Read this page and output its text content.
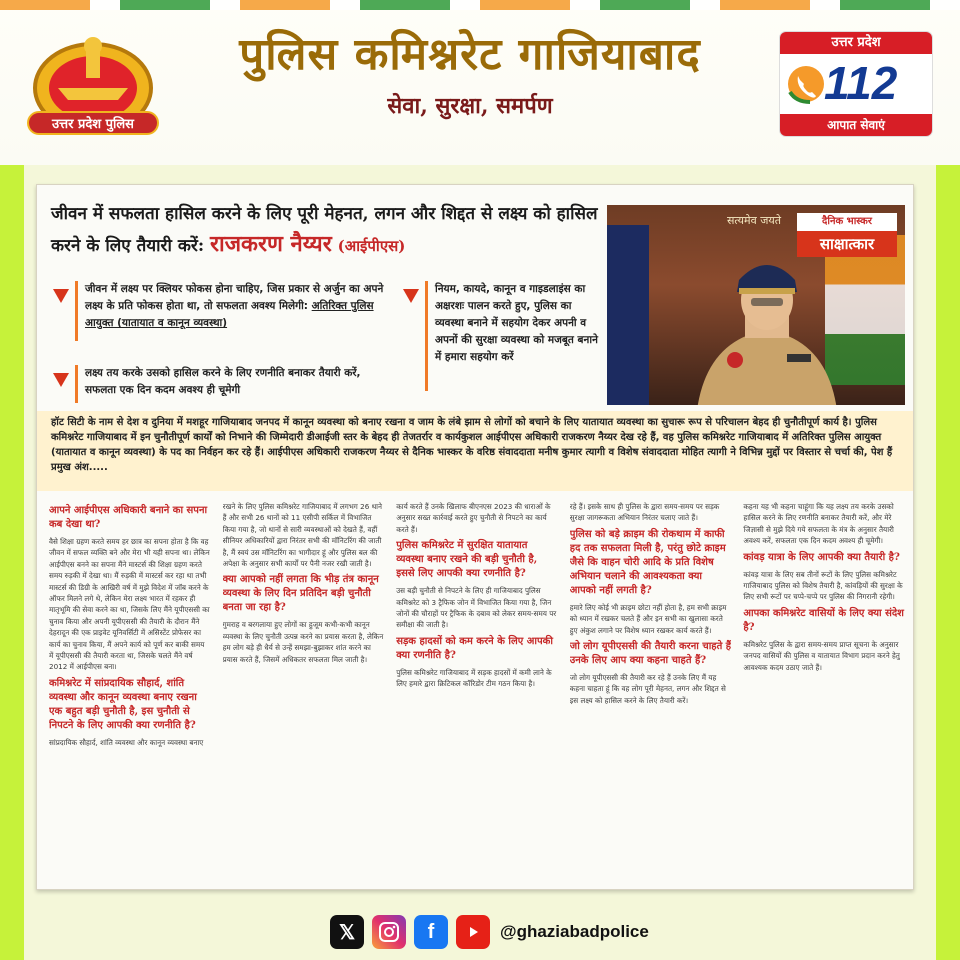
उत्तर प्रदेश पुलिस
पुलिस कमिश्नरेट गाजियाबाद
सेवा, सुरक्षा, समर्पण
उत्तर प्रदेश
112
आपात सेवाएं
जीवन में सफलता हासिल करने के लिए पूरी मेहनत, लगन और शिद्दत से लक्ष्य को हासिल करने के लिए तैयारी करें: राजकरण नैय्यर (आईपीएस)
जीवन में लक्ष्य पर क्लियर फोकस होना चाहिए, जिस प्रकार से अर्जुन का अपने लक्ष्य के प्रति फोकस होता था, तो सफलता अवश्य मिलेगी: अतिरिक्त पुलिस आयुक्त (यातायात व कानून व्यवस्था)
लक्ष्य तय करके उसको हासिल करने के लिए रणनीति बनाकर तैयारी करें, सफलता एक दिन कदम अवश्य ही चूमेगी
नियम, कायदे, कानून व गाइडलाइंस का अक्षरशः पालन करते हुए, पुलिस का व्यवस्था बनाने में सहयोग देकर अपनी व अपनों की सुरक्षा व्यवस्था को मजबूत बनाने में हमारा सहयोग करें
सत्यमेव जयते	दैनिक भास्कर
साक्षात्कार
हॉट सिटी के नाम से देश व दुनिया में मशहूर गाजियाबाद जनपद में कानून व्यवस्था को बनाए रखना व जाम के लंबे झाम से लोगों को बचाने के लिए यातायात व्यवस्था का सुचारू रूप से परिचालन बेहद ही चुनौतीपूर्ण कार्य है। पुलिस कमिश्नरेट गाजियाबाद में इन चुनौतीपूर्ण कार्यों को निभाने की जिम्मेदारी डीआईजी स्तर के बेहद ही तेजतर्रार व कार्यकुशल आईपीएस अधिकारी राजकरण नैय्यर देख रहे हैं, वह पुलिस कमिश्नरेट गाजियाबाद में अतिरिक्त पुलिस आयुक्त (यातायात व कानून व्यवस्था) के पद का निर्वहन कर रहे हैं। आईपीएस अधिकारी राजकरण नैय्यर से दैनिक भास्कर के वरिष्ठ संवाददाता मनीष कुमार त्यागी व विशेष संवाददाता मोहित त्यागी ने विभिन्न मुद्दों पर विस्तार से चर्चा की, पेश हैं प्रमुख अंश.....
आपने आईपीएस अधिकारी बनाने का सपना कब देखा था?

वैसे शिक्षा ग्रहण करते समय हर छात्र का सपना होता है कि वह जीवन में सफल व्यक्ति बने और मेरा भी यही सपना था। लेकिन आईपीएस बनने का सपना मैंने मास्टर्स की शिक्षा ग्रहण करते समय रुड़की में देखा था। मैं रुड़की में मास्टर्स कर रहा था तभी मास्टर्स की डिग्री के आखिरी वर्ष में मुझे विदेश में जॉब करने के ऑफर मिलने लगे थे, लेकिन मेरा लक्ष्य भारत में रहकर ही मातृभूमि की सेवा करने का था, जिसके लिए मैंने यूपीएससी का चुनाव किया और अपनी यूपीएससी की तैयारी के दौरान मैंने देहरादून की एक प्राइवेट यूनिवर्सिटी में असिस्टेंट प्रोफेसर का कार्य का चुनाव किया, मैं अपने कार्य को पूर्ण कर बाकी समय में यूपीएससी की तैयारी करता था, जिसके चलते मैंने वर्ष 2012 में आईपीएस बना।

कमिश्नरेट में सांप्रदायिक सौहार्द, शांति व्यवस्था और कानून व्यवस्था बनाए रखना एक बहुत बड़ी चुनौती है, इस चुनौती से निपटने के लिए आपकी क्या रणनीति है?

सांप्रदायिक सौहार्द, शांति व्यवस्था और कानून व्यवस्था बनाए

रखने के लिए पुलिस कमिश्नरेट गाजियाबाद में लगभग 26 थाने हैं और सभी 26 थानों को 11 एसीपी सर्किल में विभाजित किया गया है, जो थानों से सारी व्यवस्थाओं को देखते हैं, वहीं सीनियर अधिकारियों द्वारा निरंतर सभी की मॉनिटरिंग की जाती है, मैं स्वयं उस मॉनिटरिंग का भागीदार हूं और पुलिस बल की अपेक्षा के अनुसार सभी कार्यों पर पैनी नजर रखी जाती है।

क्या आपको नहीं लगता कि भीड़ तंत्र कानून व्यवस्था के लिए दिन प्रतिदिन बड़ी चुनौती बनता जा रहा है?

गुमराह व बरगलाया हुए लोगों का हुजूम कभी-कभी कानून व्यवस्था के लिए चुनौती उत्पन्न करने का प्रयास करता है, लेकिन हम लोग बड़े ही धैर्य से उन्हें समझा-बुझाकर शांत करने का प्रयास करते हैं, जिसमें अधिकतर सफलता मिल जाती है।

कार्य करते हैं उनके खिलाफ बीएनएस 2023 की धाराओं के अनुसार सख्त कार्रवाई करते हुए चुनौती से निपटने का कार्य करते हैं।

पुलिस कमिश्नरेट में सुरक्षित यातायात व्यवस्था बनाए रखने की बड़ी चुनौती है, इससे लिए आपकी क्या रणनीति है?

उस बड़ी चुनौती से निपटने के लिए ही गाजियाबाद पुलिस कमिश्नरेट को 3 ट्रैफिक जोन में विभाजित किया गया है, जिन जोनों की चौराहों पर ट्रैफिक के दबाव को लेकर समय-समय पर समीक्षा की जाती है।

सड़क हादसों को कम करने के लिए आपकी क्या रणनीति है?

पुलिस कमिश्नरेट गाजियाबाद में सड़क हादसों में कमी लाने के लिए हमारे द्वारा क्रिटिकल कॉरिडोर टीम गठन किया है।

रहे हैं। इसके साथ ही पुलिस के द्वारा समय-समय पर सड़क सुरक्षा जागरूकता अभियान निरंतर चलाए जाते हैं।

पुलिस को बड़े क्राइम की रोकथाम में काफी हद तक सफलता मिली है, परंतु छोटे क्राइम जैसे कि वाहन चोरी आदि के प्रति विशेष अभियान चलाने की आवश्यकता क्या आपको नहीं लगती है?

हमारे लिए कोई भी क्राइम छोटा नहीं होता है, हम सभी क्राइम को ध्यान में रखकर चलते हैं और इन सभी का खुलासा करते हुए अंकुश लगाने पर विशेष ध्यान रखकर कार्य करते हैं।

जो लोग यूपीएससी की तैयारी करना चाहते हैं उनके लिए आप क्या कहना चाहते हैं?

जो लोग यूपीएससी की तैयारी कर रहे हैं उनके लिए मैं यह कहना चाहता हूं कि वह लोग पूरी मेहनत, लगन और शिद्दत से इस लक्ष्य को हासिल करने के लिए तैयारी करें।

कहना यह भी कहना चाहूंगा कि यह लक्ष्य तय करके उसको हासिल करने के लिए रणनीति बनाकर तैयारी करें, और मेरे जिज्ञासी से मुझे दिये गये सफलता के मंत्र के अनुसार तैयारी अवश्य करें, सफलता एक दिन कदम अवश्य ही चूमेगी।

कांवड़ यात्रा के लिए आपकी क्या तैयारी है?

कांवड़ यात्रा के लिए सब तीनों रूटों के लिए पुलिस कमिश्नरेट गाजियाबाद पुलिस को विशेष तैयारी है, कांवड़ियों की सुरक्षा के लिए सभी रूटों पर चप्पे-चप्पे पर पुलिस की निगरानी रहेगी।

आपका कमिश्नरेट वासियों के लिए क्या संदेश है?

कमिश्नरेट पुलिस के द्वारा समय-समय प्राप्त सूचना के अनुसार जनपद वासियों की पुलिस व यातायात विभाग प्रदान करने हेतु आवश्यक कदम उठाए जाते हैं।

𝕏	f	@ghaziabadpolice
